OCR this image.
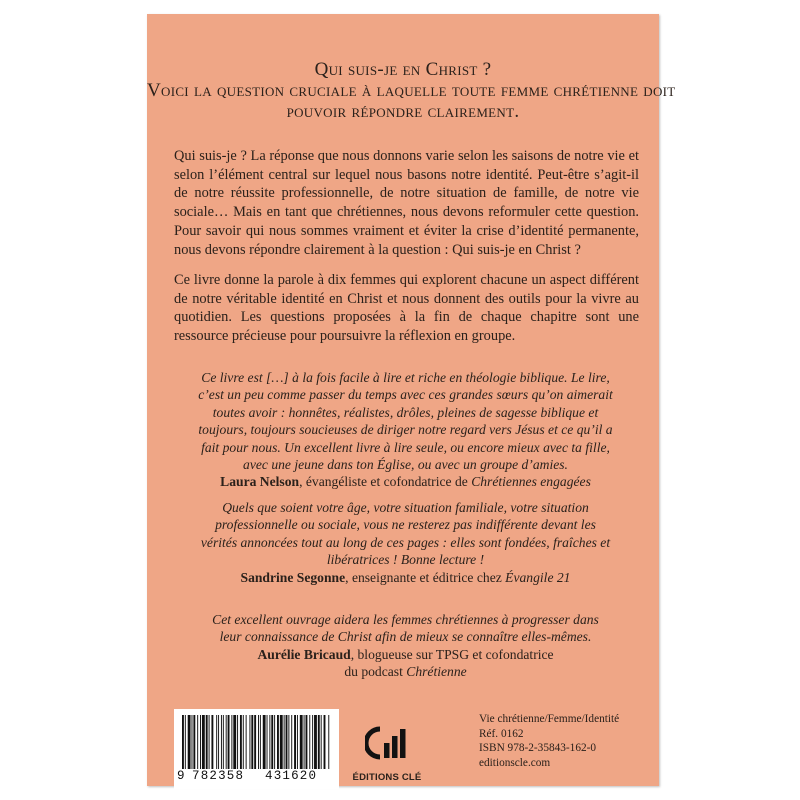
Qui suis-je en Christ ?
Voici la question cruciale à laquelle toute femme chrétienne doit
pouvoir répondre clairement.
Qui suis-je ? La réponse que nous donnons varie selon les saisons de notre vie et selon l’élément central sur lequel nous basons notre identité. Peut-être s’agit-il de notre réussite professionnelle, de notre situation de famille, de notre vie sociale… Mais en tant que chrétiennes, nous devons reformuler cette question. Pour savoir qui nous sommes vraiment et éviter la crise d’identité permanente, nous devons répondre clairement à la question : Qui suis-je en Christ ?
Ce livre donne la parole à dix femmes qui explorent chacune un aspect différent de notre véritable identité en Christ et nous donnent des outils pour la vivre au quotidien. Les questions proposées à la fin de chaque chapitre sont une ressource précieuse pour poursuivre la réflexion en groupe.
Ce livre est […] à la fois facile à lire et riche en théologie biblique. Le lire,
c’est un peu comme passer du temps avec ces grandes sœurs qu’on aimerait
toutes avoir : honnêtes, réalistes, drôles, pleines de sagesse biblique et
toujours, toujours soucieuses de diriger notre regard vers Jésus et ce qu’il a
fait pour nous. Un excellent livre à lire seule, ou encore mieux avec ta fille,
avec une jeune dans ton Église, ou avec un groupe d’amies.
Laura Nelson, évangéliste et cofondatrice de Chrétiennes engagées
Quels que soient votre âge, votre situation familiale, votre situation
professionnelle ou sociale, vous ne resterez pas indifférente devant les
vérités annoncées tout au long de ces pages : elles sont fondées, fraîches et
libératrices ! Bonne lecture !
Sandrine Segonne, enseignante et éditrice chez Évangile 21
Cet excellent ouvrage aidera les femmes chrétiennes à progresser dans
leur connaissance de Christ afin de mieux se connaître elles-mêmes.
Aurélie Bricaud, blogueuse sur TPSG et cofondatrice
du podcast Chrétienne
9 782358 431620	ÉDITIONS CLÉ
Vie chrétienne/Femme/Identité
Réf. 0162
ISBN 978-2-35843-162-0
editionscle.com
